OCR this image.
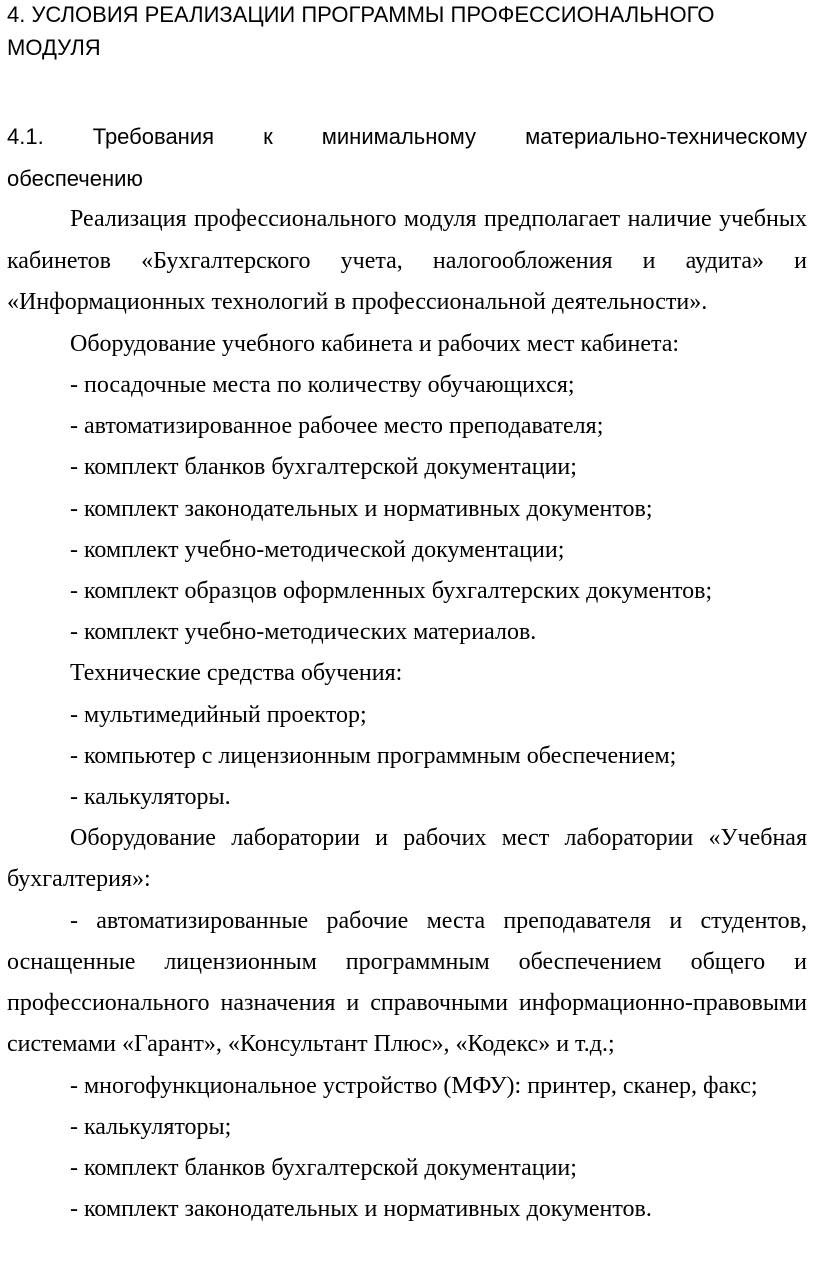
4. УСЛОВИЯ РЕАЛИЗАЦИИ ПРОГРАММЫ ПРОФЕССИОНАЛЬНОГО
МОДУЛЯ
4.1. Требования к минимальному материально-техническому
обеспечению
Реализация профессионального модуля предполагает наличие учебных
кабинетов «Бухгалтерского учета, налогообложения и аудита» и
«Информационных технологий в профессиональной деятельности».
Оборудование учебного кабинета и рабочих мест кабинета:
- посадочные места по количеству обучающихся;
- автоматизированное рабочее место преподавателя;
- комплект бланков бухгалтерской документации;
- комплект законодательных и нормативных документов;
- комплект учебно-методической документации;
- комплект образцов оформленных бухгалтерских документов;
- комплект учебно-методических материалов.
Технические средства обучения:
- мультимедийный проектор;
- компьютер с лицензионным программным обеспечением;
- калькуляторы.
Оборудование лаборатории и рабочих мест лаборатории «Учебная
бухгалтерия»:
- автоматизированные рабочие места преподавателя и студентов,
оснащенные лицензионным программным обеспечением общего и
профессионального назначения и справочными информационно-правовыми
системами «Гарант», «Консультант Плюс», «Кодекс» и т.д.;
- многофункциональное устройство (МФУ): принтер, сканер, факс;
- калькуляторы;
- комплект бланков бухгалтерской документации;
- комплект законодательных и нормативных документов.
